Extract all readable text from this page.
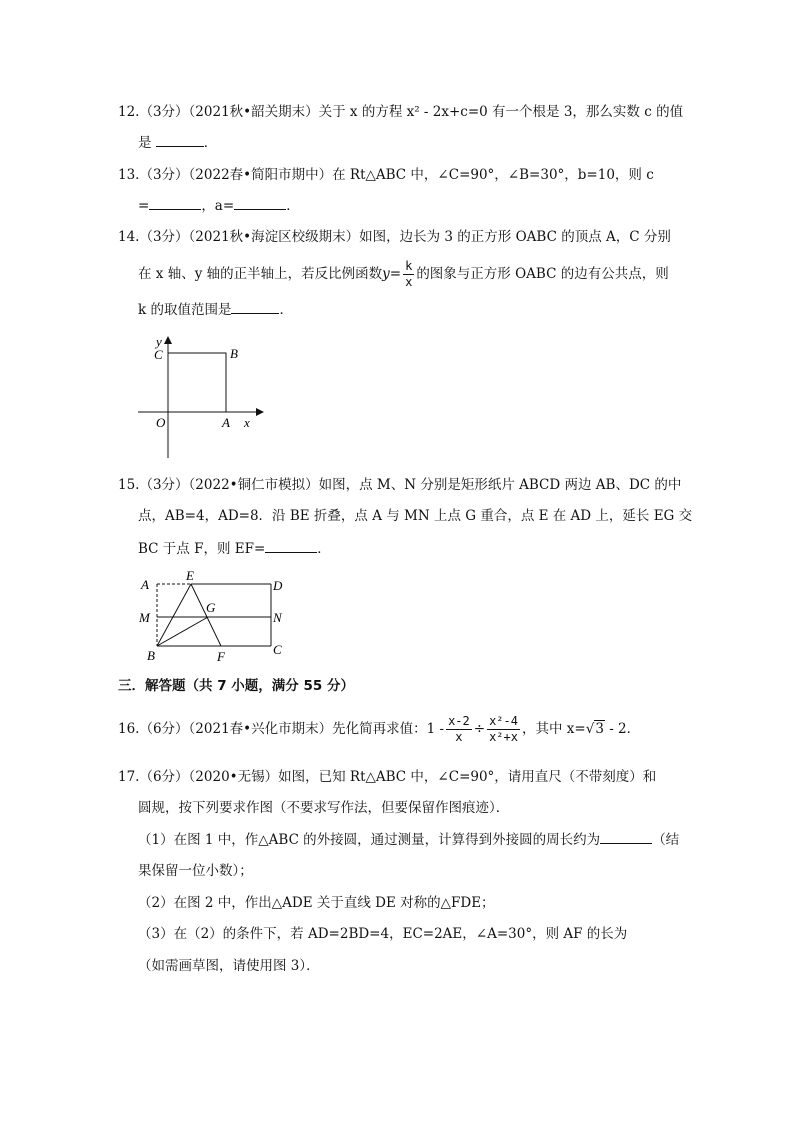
12.（3分）（2021秋•韶关期末）关于 x 的方程 x² - 2x+c=0 有一个根是 3，那么实数 c 的值
是	．
13.（3分）（2022春•简阳市期中）在 Rt△ABC 中，∠C=90°，∠B=30°，b=10，则 c
=	，a=	．
14.（3分）（2021秋•海淀区校级期末）如图，边长为 3 的正方形 OABC 的顶点 A，C 分别
在 x 轴、y 轴的正半轴上，若反比例函数$y= \frac{k}{x}$ 的图象与正方形 OABC 的边有公共点，则
k 的取值范围是	．
y
C	B
O	A x
15.（3分）（2022•铜仁市模拟）如图，点 M、N 分别是矩形纸片 ABCD 两边 AB、DC 的中
点，AB=4，AD=8．沿 BE 折叠，点 A 与 MN 上点 G 重合，点 E 在 AD 上，延长 EG 交
BC 于点 F，则 EF=	．
A
E
D
M
G
N
B	F	C
三．解答题（共 7 小题，满分 55 分）
16.（6分）（2021春•兴化市期末）先化简再求值：$1 - \frac{x-2}{x} \div \frac{\text{x²-4}}{\text{x²+x}}$ ，其中 x=√3 - 2．
17.（6分）（2020•无锡）如图，已知 Rt△ABC 中，∠C=90°，请用直尺（不带刻度）和
圆规，按下列要求作图（不要求写作法，但要保留作图痕迹）．
（1）在图 1 中，作△ABC 的外接圆，通过测量，计算得到外接圆的周长约为	（结
果保留一位小数）；
（2）在图 2 中，作出△ADE 关于直线 DE 对称的△FDE；
（3）在（2）的条件下，若 AD=2BD=4，EC=2AE，∠A=30°，则 AF 的长为
（如需画草图，请使用图 3）．
